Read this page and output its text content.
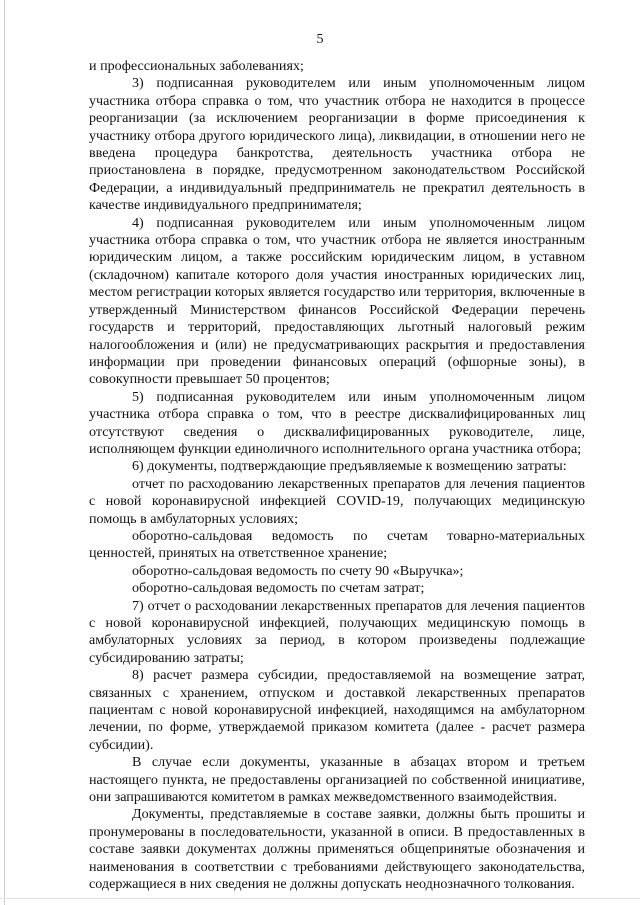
5

и профессиональных заболеваниях;

3) подписанная руководителем или иным уполномоченным лицом участника отбора справка о том, что участник отбора не находится в процессе реорганизации (за исключением реорганизации в форме присоединения к участнику отбора другого юридического лица), ликвидации, в отношении него не введена процедура банкротства, деятельность участника отбора не приостановлена в порядке, предусмотренном законодательством Российской Федерации, а индивидуальный предприниматель не прекратил деятельность в качестве индивидуального предпринимателя;

4) подписанная руководителем или иным уполномоченным лицом участника отбора справка о том, что участник отбора не является иностранным юридическим лицом, а также российским юридическим лицом, в уставном (складочном) капитале которого доля участия иностранных юридических лиц, местом регистрации которых является государство или территория, включенные в утвержденный Министерством финансов Российской Федерации перечень государств и территорий, предоставляющих льготный налоговый режим налогообложения и (или) не предусматривающих раскрытия и предоставления информации при проведении финансовых операций (офшорные зоны), в совокупности превышает 50 процентов;

5) подписанная руководителем или иным уполномоченным лицом участника отбора справка о том, что в реестре дисквалифицированных лиц отсутствуют сведения о дисквалифицированных руководителе, лице, исполняющем функции единоличного исполнительного органа участника отбора;

6) документы, подтверждающие предъявляемые к возмещению затраты:

отчет по расходованию лекарственных препаратов для лечения пациентов с новой коронавирусной инфекцией COVID-19, получающих медицинскую помощь в амбулаторных условиях;

оборотно-сальдовая ведомость по счетам товарно-материальных ценностей, принятых на ответственное хранение;

оборотно-сальдовая ведомость по счету 90 «Выручка»;

оборотно-сальдовая ведомость по счетам затрат;

7) отчет о расходовании лекарственных препаратов для лечения пациентов с новой коронавирусной инфекцией, получающих медицинскую помощь в амбулаторных условиях за период, в котором произведены подлежащие субсидированию затраты;

8) расчет размера субсидии, предоставляемой на возмещение затрат, связанных с хранением, отпуском и доставкой лекарственных препаратов пациентам с новой коронавирусной инфекцией, находящимся на амбулаторном лечении, по форме, утверждаемой приказом комитета (далее - расчет размера субсидии).

В случае если документы, указанные в абзацах втором и третьем настоящего пункта, не предоставлены организацией по собственной инициативе, они запрашиваются комитетом в рамках межведомственного взаимодействия.

Документы, представляемые в составе заявки, должны быть прошиты и пронумерованы в последовательности, указанной в описи. В предоставленных в составе заявки документах должны применяться общепринятые обозначения и наименования в соответствии с требованиями действующего законодательства, содержащиеся в них сведения не должны допускать неоднозначного толкования.
